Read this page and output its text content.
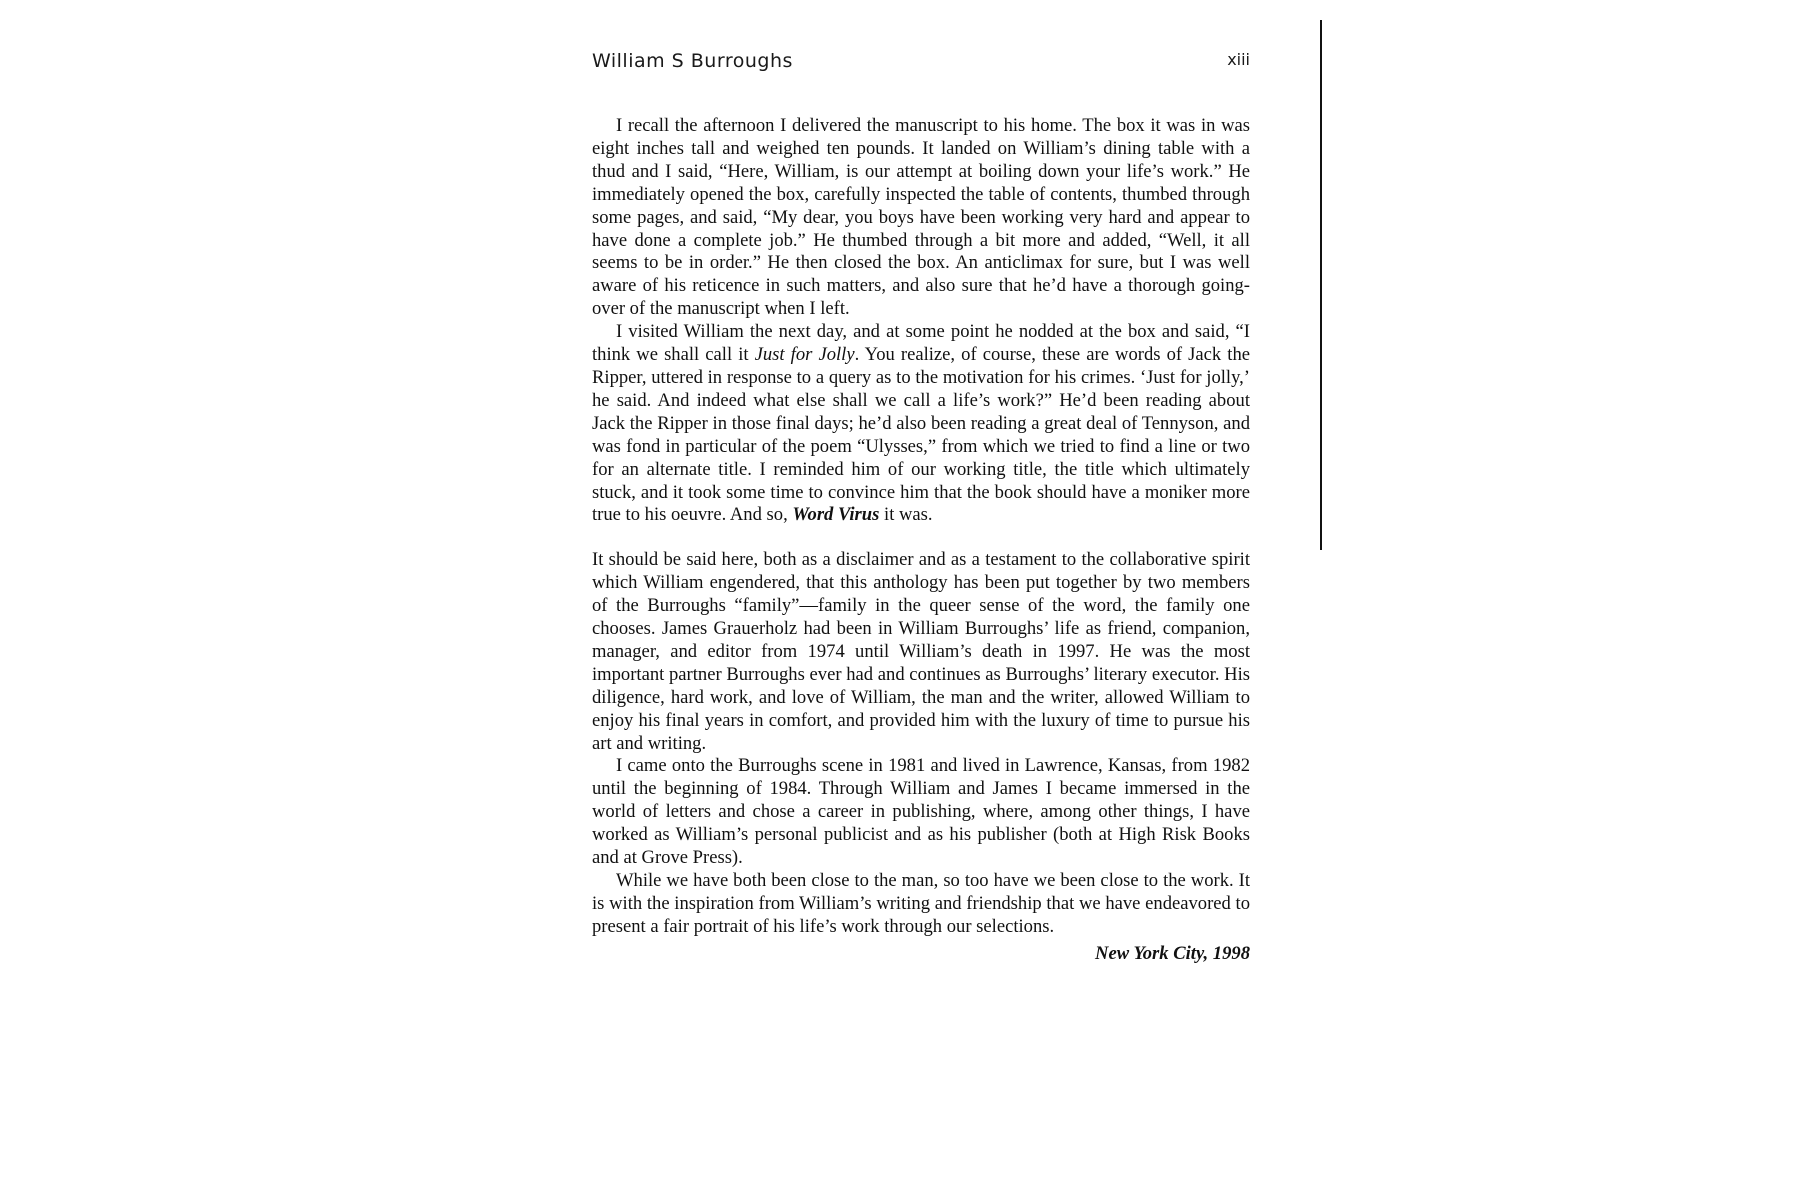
William S Burroughs	xiii

I recall the afternoon I delivered the manuscript to his home. The box it was in was eight inches tall and weighed ten pounds. It landed on William’s dining table with a thud and I said, “Here, William, is our attempt at boiling down your life’s work.” He immediately opened the box, carefully inspected the table of contents, thumbed through some pages, and said, “My dear, you boys have been working very hard and appear to have done a complete job.” He thumbed through a bit more and added, “Well, it all seems to be in order.” He then closed the box. An anticlimax for sure, but I was well aware of his reticence in such matters, and also sure that he’d have a thorough going-over of the manuscript when I left.

I visited William the next day, and at some point he nodded at the box and said, “I think we shall call it Just for Jolly. You realize, of course, these are words of Jack the Ripper, uttered in response to a query as to the motivation for his crimes. ‘Just for jolly,’ he said. And indeed what else shall we call a life’s work?” He’d been reading about Jack the Ripper in those final days; he’d also been reading a great deal of Tennyson, and was fond in particular of the poem “Ulysses,” from which we tried to find a line or two for an alternate title. I reminded him of our working title, the title which ultimately stuck, and it took some time to convince him that the book should have a moniker more true to his oeuvre. And so, Word Virus it was.

It should be said here, both as a disclaimer and as a testament to the collaborative spirit which William engendered, that this anthology has been put together by two members of the Burroughs “family”—family in the queer sense of the word, the family one chooses. James Grauerholz had been in William Burroughs’ life as friend, companion, manager, and editor from 1974 until William’s death in 1997. He was the most important partner Burroughs ever had and continues as Burroughs’ literary executor. His diligence, hard work, and love of William, the man and the writer, allowed William to enjoy his final years in comfort, and provided him with the luxury of time to pursue his art and writing.

I came onto the Burroughs scene in 1981 and lived in Lawrence, Kansas, from 1982 until the beginning of 1984. Through William and James I became immersed in the world of letters and chose a career in publishing, where, among other things, I have worked as William’s personal publicist and as his publisher (both at High Risk Books and at Grove Press).

While we have both been close to the man, so too have we been close to the work. It is with the inspiration from William’s writing and friendship that we have endeavored to present a fair portrait of his life’s work through our selections.

New York City, 1998
